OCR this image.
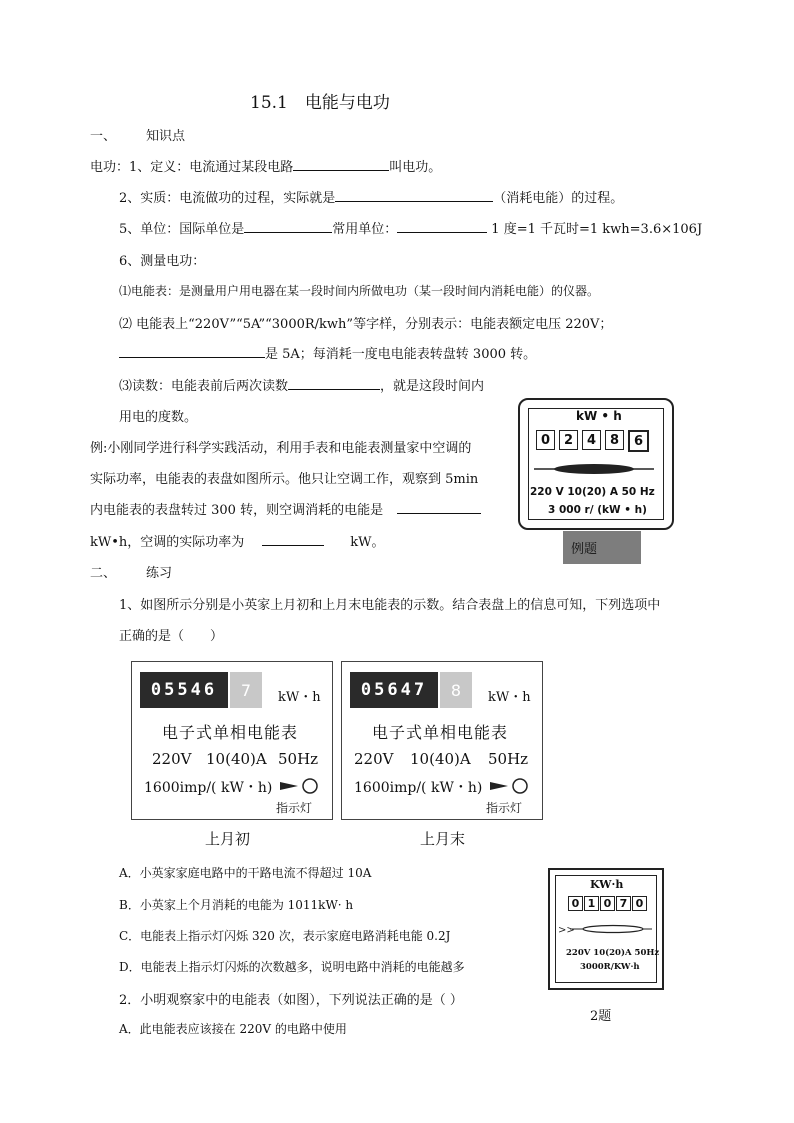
15.1　电能与电功
一、 知识点
电功：1、定义：电流通过某段电路	叫电功。
2、实质：电流做功的过程，实际就是	（消耗电能）的过程。
5、单位：国际单位是	常用单位：	1 度=1 千瓦时=1 kwh=3.6×106J
6、测量电功：
⑴电能表：是测量用户用电器在某一段时间内所做电功（某一段时间内消耗电能）的仪器。
⑵ 电能表上“220V”“5A”“3000R/kwh”等字样，分别表示：电能表额定电压 220V；
是 5A；每消耗一度电电能表转盘转 3000 转。
⑶读数：电能表前后两次读数	，就是这段时间内
用电的度数。
例:小刚同学进行科学实践活动，利用手表和电能表测量家中空调的
实际功率，电能表的表盘如图所示。他只让空调工作，观察到 5min
内电能表的表盘转过 300 转，则空调消耗的电能是
kW•h，空调的实际功率为	kW。
kW • h
0	2	4	8	6
220 V 10(20) A 50 Hz
3 000 r/ (kW • h)
例题
二、 练习
1、如图所示分别是小英家上月初和上月末电能表的示数。结合表盘上的信息可知，下列选项中
正确的是（　　）
05546	7	kW・h
电子式单相电能表
220V 10(40)A 50Hz
1600imp/( kW・h)
指示灯
上月初
05647	8	kW・h
电子式单相电能表
220V 10(40)A 50Hz
1600imp/( kW・h)
指示灯
上月末
A．小英家家庭电路中的干路电流不得超过 10A
B．小英家上个月消耗的电能为 1011kW· h
C．电能表上指示灯闪烁 320 次，表示家庭电路消耗电能 0.2J
D．电能表上指示灯闪烁的次数越多，说明电路中消耗的电能越多
2．小明观察家中的电能表（如图），下列说法正确的是（ ）
A．此电能表应该接在 220V 的电路中使用
KW·h
0 1 0 7 0
>>
220V 10(20)A 50Hz
3000R/KW·h
2题
